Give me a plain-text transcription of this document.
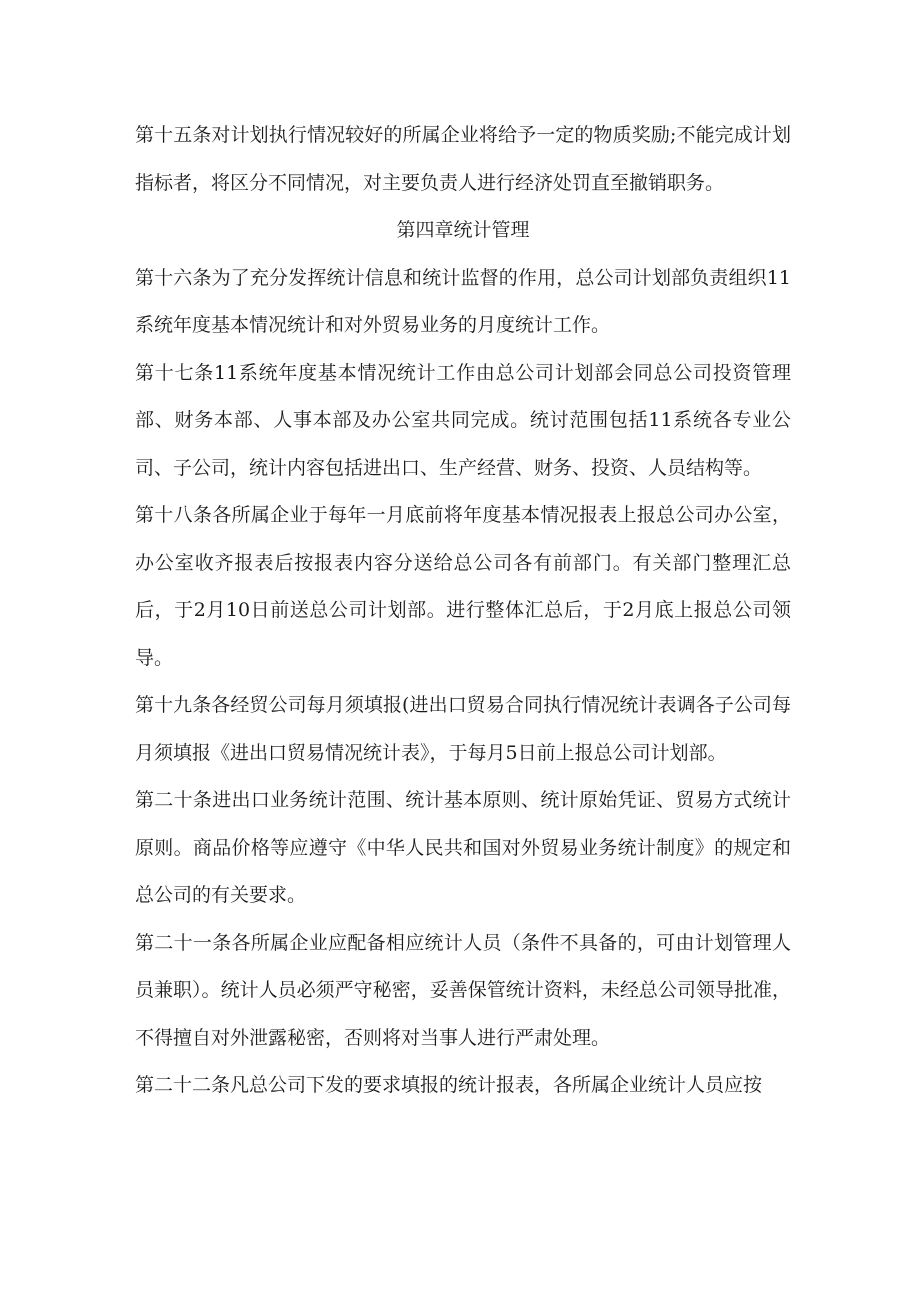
第十五条对计划执行情况较好的所属企业将给予一定的物质奖励;不能完成计划指标者，将区分不同情况，对主要负责人进行经济处罚直至撤销职务。

第四章统计管理

第十六条为了充分发挥统计信息和统计监督的作用，总公司计划部负责组织11系统年度基本情况统计和对外贸易业务的月度统计工作。

第十七条11系统年度基本情况统计工作由总公司计划部会同总公司投资管理部、财务本部、人事本部及办公室共同完成。统讨范围包括11系统各专业公司、子公司，统计内容包括进出口、生产经营、财务、投资、人员结构等。

第十八条各所属企业于每年一月底前将年度基本情况报表上报总公司办公室，办公室收齐报表后按报表内容分送给总公司各有前部门。有关部门整理汇总后，于2月10日前送总公司计划部。进行整体汇总后，于2月底上报总公司领导。

第十九条各经贸公司每月须填报(进出口贸易合同执行情况统计表调各子公司每月须填报《进出口贸易情况统计表》，于每月5日前上报总公司计划部。

第二十条进出口业务统计范围、统计基本原则、统计原始凭证、贸易方式统计原则。商品价格等应遵守《中华人民共和国对外贸易业务统计制度》的规定和总公司的有关要求。

第二十一条各所属企业应配备相应统计人员（条件不具备的，可由计划管理人员兼职）。统计人员必须严守秘密，妥善保管统计资料，未经总公司领导批准，不得擅自对外泄露秘密，否则将对当事人进行严肃处理。

第二十二条凡总公司下发的要求填报的统计报表，各所属企业统计人员应按
